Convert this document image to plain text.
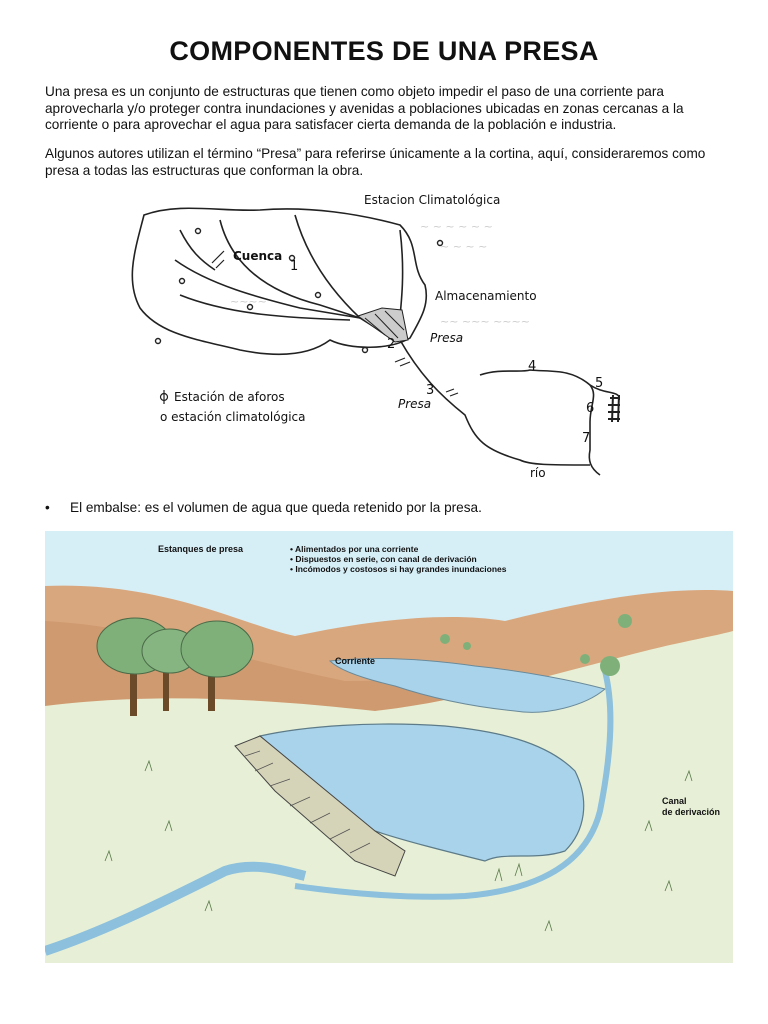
COMPONENTES DE UNA PRESA
Una presa es un conjunto de estructuras que tienen como objeto impedir el paso de una corriente para aprovecharla y/o proteger contra inundaciones y avenidas a poblaciones ubicadas en zonas cercanas a la corriente o para aprovechar el agua para satisfacer cierta demanda de la población e industria.
Algunos autores utilizan el término “Presa” para referirse únicamente a la cortina, aquí, consideraremos como presa a todas las estructuras que conforman la obra.
~ ~ ~ ~ ~ ~
~ ~ ~ ~
~~ ~~~ ~~~~
~~~~
Estacion Climatológica
Cuenca
Almacenamiento
Presa
Presa
río
Estación de aforos
o estación climatológica
1
2
3
4
5
6
7
• El embalse: es el volumen de agua que queda retenido por la presa.
Estanques de presa	• Alimentados por una corriente
• Dispuestos en serie, con canal de derivación
• Incómodos y costosos si hay grandes inundaciones
Corriente
Canal
de derivación
